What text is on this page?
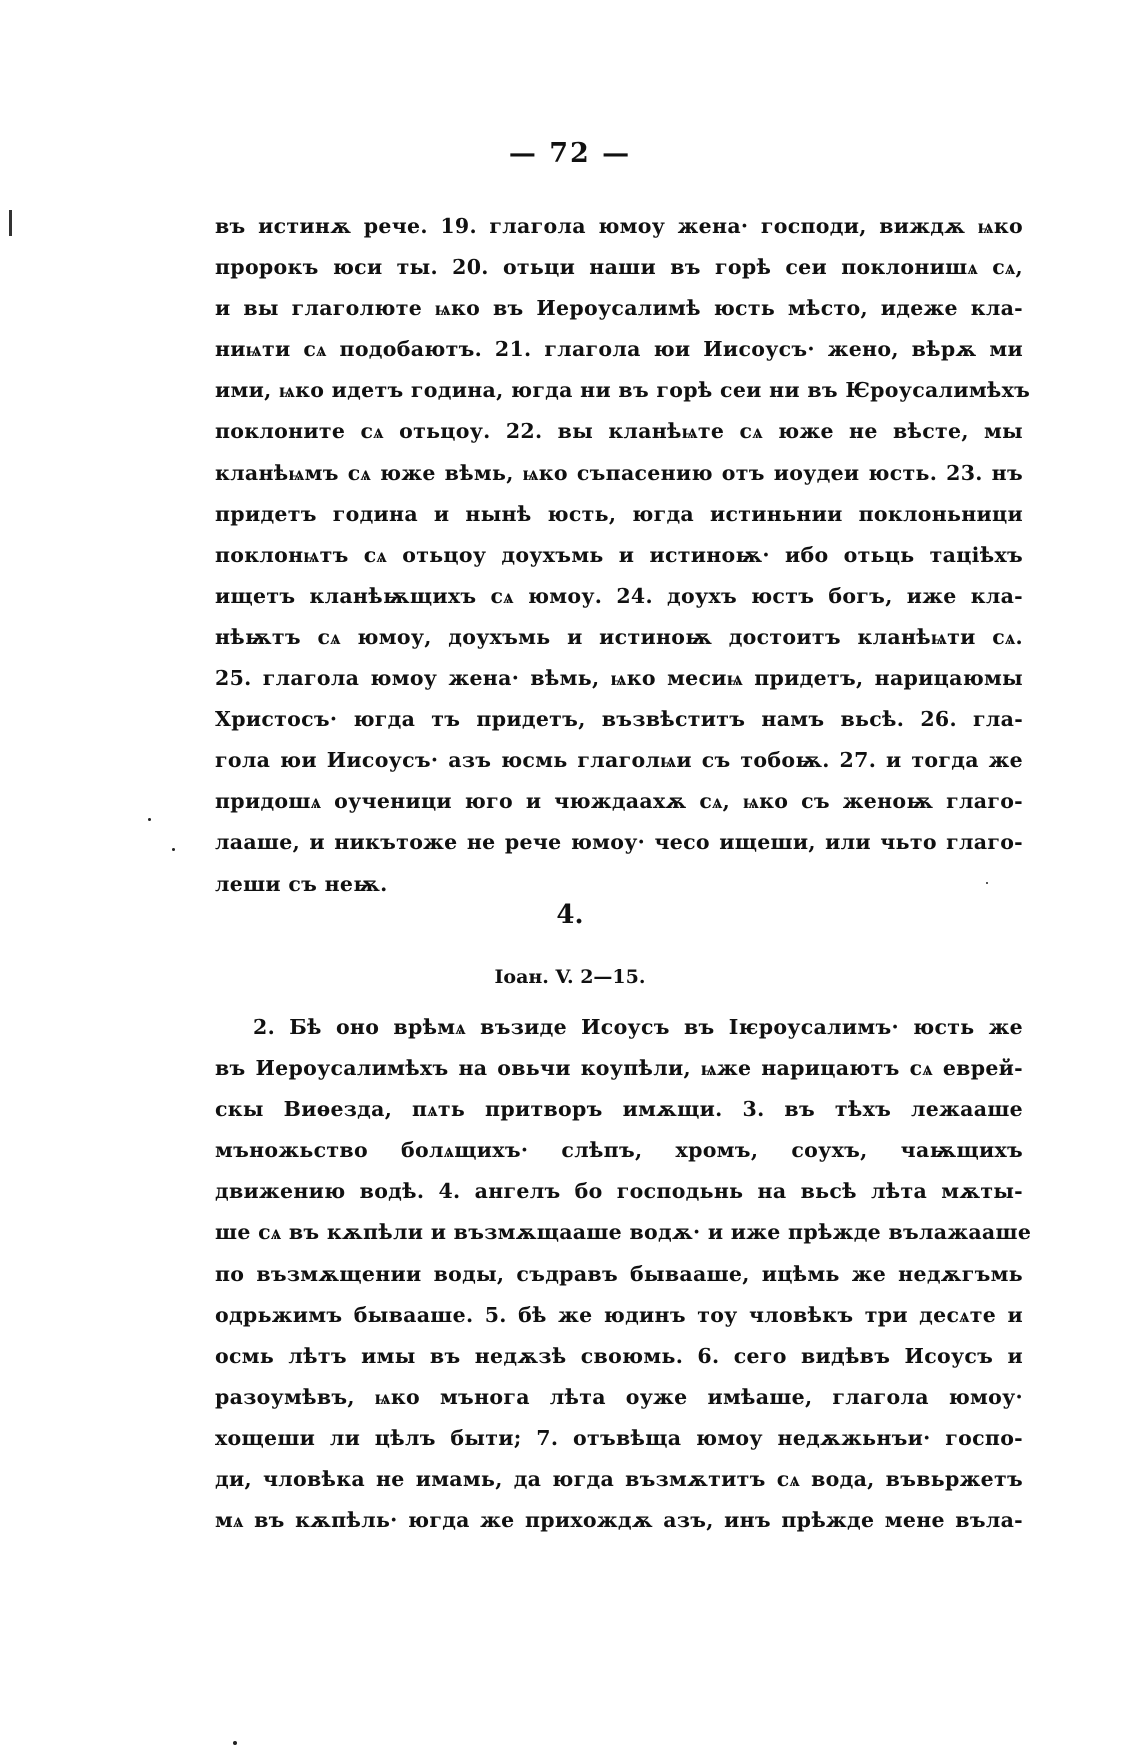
— 72 —
въ истинѫ рече. 19. глагола юмоу жена· господи, виждѫ ѩко
пророкъ юси ты. 20. отьци наши въ горѣ сеи поклонишѧ сѧ,
и вы глаголюте ѩко въ Иероусалимѣ юсть мѣсто, идеже кла-
ниѩти сѧ подобаютъ. 21. глагола юи Иисоусъ· жено, вѣрѫ ми
ими, ѩко идетъ година, югда ни въ горѣ сеи ни въ Ѥроусалимѣхъ
поклоните сѧ отьцоу. 22. вы кланѣѩте сѧ юже не вѣсте, мы
кланѣѩмъ сѧ юже вѣмь, ѩко съпасению отъ иоудеи юсть. 23. нъ
придетъ година и нынѣ юсть, югда истиньнии поклоньници
поклонѩтъ сѧ отьцоу доухъмь и истиноѭ· ибо отьць таціѣхъ
ищетъ кланѣѭщихъ сѧ юмоу. 24. доухъ юстъ богъ, иже кла-
нѣѭтъ сѧ юмоу, доухъмь и истиноѭ достоитъ кланѣѩти сѧ.
25. глагола юмоу жена· вѣмь, ѩко месиѩ придетъ, нарицаюмы
Христосъ· югда тъ придетъ, възвѣститъ намъ вьсѣ. 26. гла-
гола юи Иисоусъ· азъ юсмь глаголѩи съ тобоѭ. 27. и тогда же
придошѧ оученици юго и чюждаахѫ сѧ, ѩко съ женоѭ глаго-
лааше, и никътоже не рече юмоу· чесо ищеши, или чьто глаго-
леши съ неѭ.
4.
Іоан. V. 2—15.
2. Бѣ оно врѣмѧ възиде Исоусъ въ Іѥроусалимъ· юсть же
въ Иероусалимѣхъ на овьчи коупѣли, ѩже нарицаютъ сѧ еврей-
скы Виѳезда, пѧть притворъ имѫщи. 3. въ тѣхъ лежааше
мъножьство болѧщихъ· слѣпъ, хромъ, соухъ, чаѭщихъ
движению водѣ. 4. ангелъ бо господьнь на вьсѣ лѣта мѫты-
ше сѧ въ кѫпѣли и възмѫщааше водѫ· и иже прѣжде вълажааше
по възмѫщении воды, съдравъ бывааше, ицѣмь же недѫгъмь
одрьжимъ бывааше. 5. бѣ же юдинъ тоу чловѣкъ три десѧте и
осмь лѣтъ имы въ недѫзѣ своюмь. 6. сего видѣвъ Исоусъ и
разоумѣвъ, ѩко мънога лѣта оуже имѣаше, глагола юмоу·
хощеши ли цѣлъ быти; 7. отъвѣща юмоу недѫжьнъи· госпо-
ди, чловѣка не имамь, да югда възмѫтитъ сѧ вода, въвьржетъ
мѧ въ кѫпѣль· югда же прихождѫ азъ, инъ прѣжде мене въла-
